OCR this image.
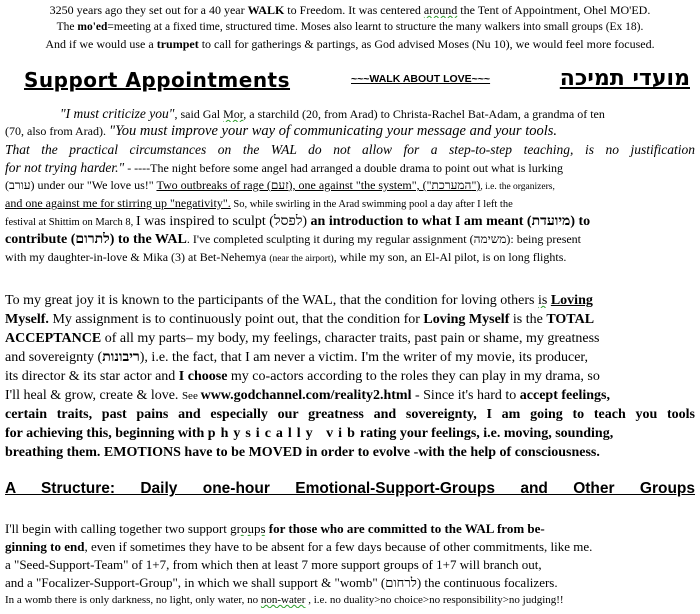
3250 years ago they set out for a 40 year WALK to Freedom. It was centered around the Tent of Appointment, Ohel MO'ED.
The mo'ed=meeting at a fixed time, structured time. Moses also learnt to structure the many walkers into small groups (Ex 18).
And if we would use a trumpet to call for gatherings & partings, as God advised Moses (Nu 10), we would feel more focused.
Support Appointments	~~~WALK ABOUT LOVE~~~	מועדי תמיכה
"I must criticize you", said Gal Mor, a starchild (20, from Arad) to Christa-Rachel Bat-Adam, a grandma of ten
(70, also from Arad). "You must improve your way of communicating your message and your tools.
That the practical circumstances on the WAL do not allow for a step-to-step teaching, is no justification
for not trying harder." - ----The night before some angel had arranged a double drama to point out what is lurking
(עורב) under our "We love us!" Two outbreaks of rage (זעם), one against "the system", ("המערכת"), i.e. the organizers,
and one against me for stirring up "negativity". So, while swirling in the Arad swimming pool a day after I left the
festival at Shittim on March 8, I was inspired to sculpt (לפסל) an introduction to what I am meant (מיועדת) to
contribute (לתרום) to the WAL. I've completed sculpting it during my regular assignment (משימה): being present
with my daughter-in-love & Mika (3) at Bet-Nehemya (near the airport), while my son, an El-Al pilot, is on long flights.
To my great joy it is known to the participants of the WAL, that the condition for loving others is Loving
Myself. My assignment is to continuously point out, that the condition for Loving Myself is the TOTAL
ACCEPTANCE of all my parts– my body, my feelings, character traits, past pain or shame, my greatness
and sovereignty (ריבונות), i.e. the fact, that I am never a victim. I'm the writer of my movie, its producer,
its director & its star actor and I choose my co-actors according to the roles they can play in my drama, so
I'll heal & grow, create & love. See www.godchannel.com/reality2.html - Since it's hard to accept feelings,
certain traits, past pains and especially our greatness and sovereignty, I am going to teach you tools
for achieving this, beginning with physically vibrating your feelings, i.e. moving, sounding,
breathing them. EMOTIONS have to be MOVED in order to evolve -with the help of consciousness.
A Structure: Daily one-hour Emotional-Support-Groups and Other Groups
I'll begin with calling together two support groups for those who are committed to the WAL from be-
ginning to end, even if sometimes they have to be absent for a few days because of other commitments, like me.
a "Seed-Support-Team" of 1+7, from which then at least 7 more support groups of 1+7 will branch out,
and a "Focalizer-Support-Group", in which we shall support & "womb" (לרחום) the continuous focalizers.
In a womb there is only darkness, no light, only water, no non-water , i.e. no duality>no choice>no responsibility>no judging!!
